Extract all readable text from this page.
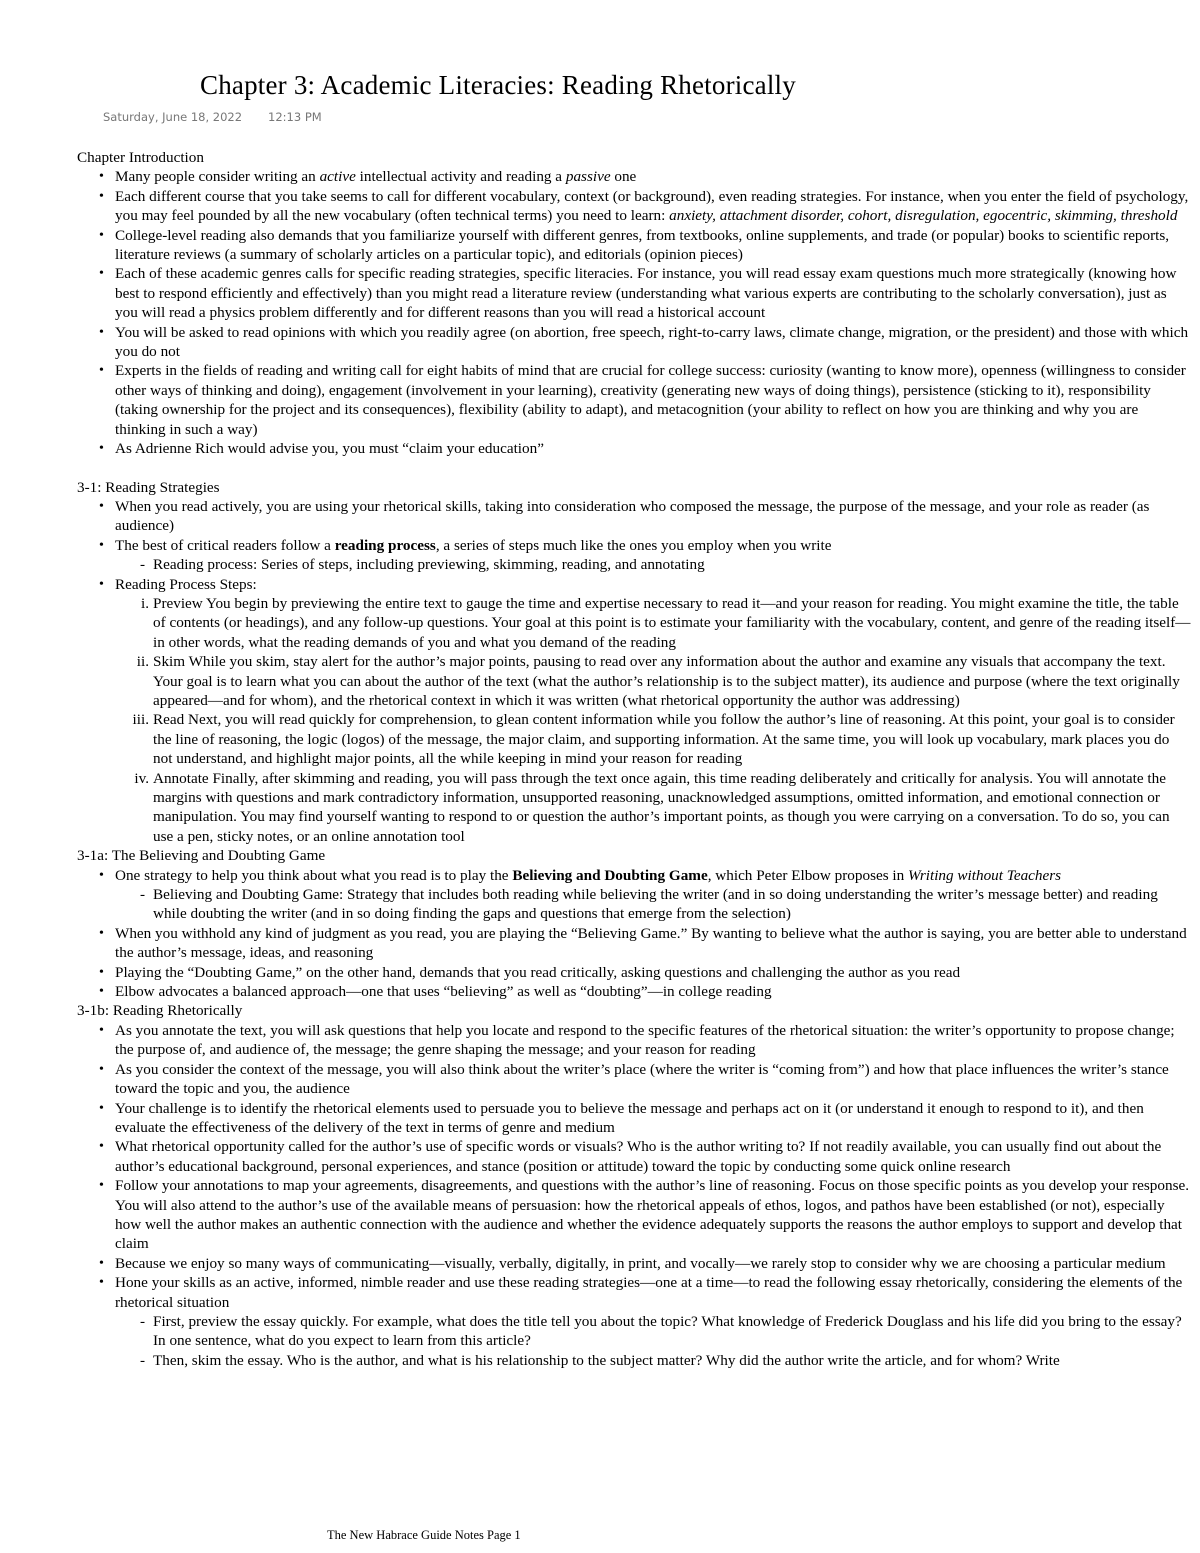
Chapter 3: Academic Literacies: Reading Rhetorically
Saturday, June 18, 2022 12:13 PM

Chapter Introduction

• Many people consider writing an active intellectual activity and reading a passive one
• Each different course that you take seems to call for different vocabulary, context (or background), even reading strategies. For instance, when you enter the field of psychology, you may feel pounded by all the new vocabulary (often technical terms) you need to learn: anxiety, attachment disorder, cohort, disregulation, egocentric, skimming, threshold
• College-level reading also demands that you familiarize yourself with different genres, from textbooks, online supplements, and trade (or popular) books to scientific reports, literature reviews (a summary of scholarly articles on a particular topic), and editorials (opinion pieces)
• Each of these academic genres calls for specific reading strategies, specific literacies. For instance, you will read essay exam questions much more strategically (knowing how best to respond efficiently and effectively) than you might read a literature review (understanding what various experts are contributing to the scholarly conversation), just as you will read a physics problem differently and for different reasons than you will read a historical account
• You will be asked to read opinions with which you readily agree (on abortion, free speech, right-to-carry laws, climate change, migration, or the president) and those with which you do not
• Experts in the fields of reading and writing call for eight habits of mind that are crucial for college success: curiosity (wanting to know more), openness (willingness to consider other ways of thinking and doing), engagement (involvement in your learning), creativity (generating new ways of doing things), persistence (sticking to it), responsibility (taking ownership for the project and its consequences), flexibility (ability to adapt), and metacognition (your ability to reflect on how you are thinking and why you are thinking in such a way)
• As Adrienne Rich would advise you, you must “claim your education”

3-1: Reading Strategies

• When you read actively, you are using your rhetorical skills, taking into consideration who composed the message, the purpose of the message, and your role as reader (as audience)
• The best of critical readers follow a reading process, a series of steps much like the ones you employ when you write
- Reading process: Series of steps, including previewing, skimming, reading, and annotating
• Reading Process Steps:
i. Preview You begin by previewing the entire text to gauge the time and expertise necessary to read it—and your reason for reading. You might examine the title, the table of contents (or headings), and any follow-up questions. Your goal at this point is to estimate your familiarity with the vocabulary, content, and genre of the reading itself—in other words, what the reading demands of you and what you demand of the reading
ii. Skim While you skim, stay alert for the author’s major points, pausing to read over any information about the author and examine any visuals that accompany the text. Your goal is to learn what you can about the author of the text (what the author’s relationship is to the subject matter), its audience and purpose (where the text originally appeared—and for whom), and the rhetorical context in which it was written (what rhetorical opportunity the author was addressing)
iii. Read Next, you will read quickly for comprehension, to glean content information while you follow the author’s line of reasoning. At this point, your goal is to consider the line of reasoning, the logic (logos) of the message, the major claim, and supporting information. At the same time, you will look up vocabulary, mark places you do not understand, and highlight major points, all the while keeping in mind your reason for reading
iv. Annotate Finally, after skimming and reading, you will pass through the text once again, this time reading deliberately and critically for analysis. You will annotate the margins with questions and mark contradictory information, unsupported reasoning, unacknowledged assumptions, omitted information, and emotional connection or manipulation. You may find yourself wanting to respond to or question the author’s important points, as though you were carrying on a conversation. To do so, you can use a pen, sticky notes, or an online annotation tool

3-1a: The Believing and Doubting Game

• One strategy to help you think about what you read is to play the Believing and Doubting Game, which Peter Elbow proposes in Writing without Teachers
- Believing and Doubting Game: Strategy that includes both reading while believing the writer (and in so doing understanding the writer’s message better) and reading while doubting the writer (and in so doing finding the gaps and questions that emerge from the selection)
• When you withhold any kind of judgment as you read, you are playing the “Believing Game.” By wanting to believe what the author is saying, you are better able to understand the author’s message, ideas, and reasoning
• Playing the “Doubting Game,” on the other hand, demands that you read critically, asking questions and challenging the author as you read
• Elbow advocates a balanced approach—one that uses “believing” as well as “doubting”—in college reading

3-1b: Reading Rhetorically

• As you annotate the text, you will ask questions that help you locate and respond to the specific features of the rhetorical situation: the writer’s opportunity to propose change; the purpose of, and audience of, the message; the genre shaping the message; and your reason for reading
• As you consider the context of the message, you will also think about the writer’s place (where the writer is “coming from”) and how that place influences the writer’s stance toward the topic and you, the audience
• Your challenge is to identify the rhetorical elements used to persuade you to believe the message and perhaps act on it (or understand it enough to respond to it), and then evaluate the effectiveness of the delivery of the text in terms of genre and medium
• What rhetorical opportunity called for the author’s use of specific words or visuals? Who is the author writing to? If not readily available, you can usually find out about the author’s educational background, personal experiences, and stance (position or attitude) toward the topic by conducting some quick online research
• Follow your annotations to map your agreements, disagreements, and questions with the author’s line of reasoning. Focus on those specific points as you develop your response. You will also attend to the author’s use of the available means of persuasion: how the rhetorical appeals of ethos, logos, and pathos have been established (or not), especially how well the author makes an authentic connection with the audience and whether the evidence adequately supports the reasons the author employs to support and develop that claim
• Because we enjoy so many ways of communicating—visually, verbally, digitally, in print, and vocally—we rarely stop to consider why we are choosing a particular medium
• Hone your skills as an active, informed, nimble reader and use these reading strategies—one at a time—to read the following essay rhetorically, considering the elements of the rhetorical situation
- First, preview the essay quickly. For example, what does the title tell you about the topic? What knowledge of Frederick Douglass and his life did you bring to the essay? In one sentence, what do you expect to learn from this article?
- Then, skim the essay. Who is the author, and what is his relationship to the subject matter? Why did the author write the article, and for whom? Write
The New Habrace Guide Notes Page 1
